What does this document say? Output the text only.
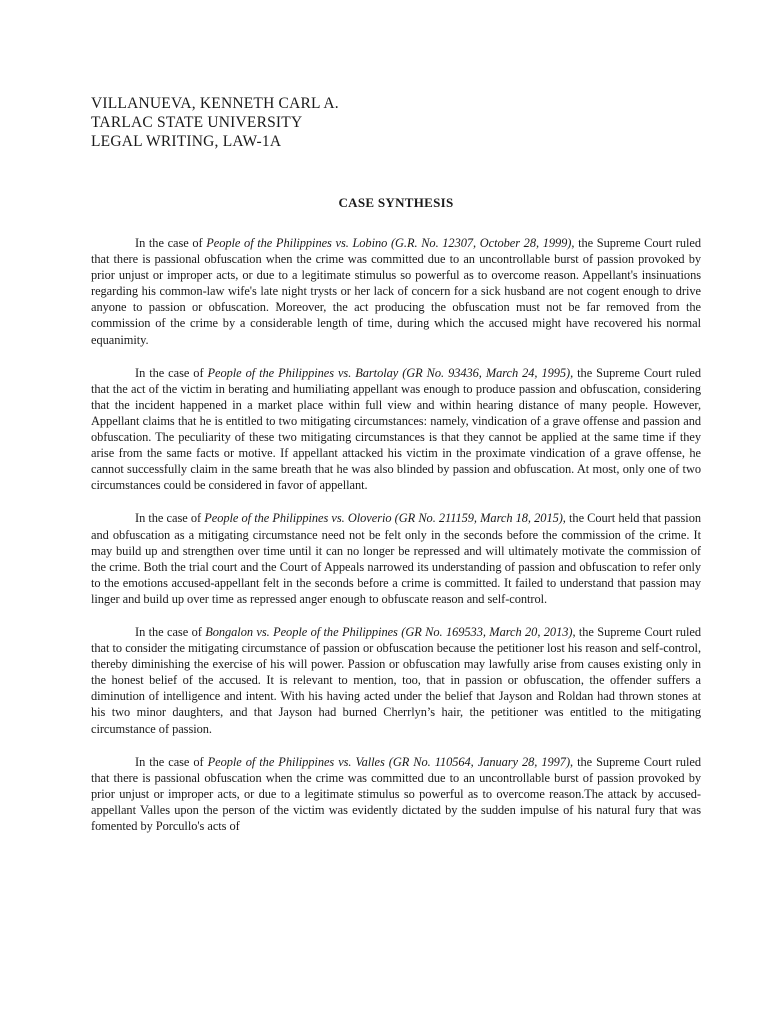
VILLANUEVA, KENNETH CARL A.
TARLAC STATE UNIVERSITY
LEGAL WRITING, LAW-1A
CASE SYNTHESIS

In the case of People of the Philippines vs. Lobino (G.R. No. 12307, October 28, 1999), the Supreme Court ruled that there is passional obfuscation when the crime was committed due to an uncontrollable burst of passion provoked by prior unjust or improper acts, or due to a legitimate stimulus so powerful as to overcome reason. Appellant's insinuations regarding his common-law wife's late night trysts or her lack of concern for a sick husband are not cogent enough to drive anyone to passion or obfuscation. Moreover, the act producing the obfuscation must not be far removed from the commission of the crime by a considerable length of time, during which the accused might have recovered his normal equanimity.

In the case of People of the Philippines vs. Bartolay (GR No. 93436, March 24, 1995), the Supreme Court ruled that the act of the victim in berating and humiliating appellant was enough to produce passion and obfuscation, considering that the incident happened in a market place within full view and within hearing distance of many people. However, Appellant claims that he is entitled to two mitigating circumstances: namely, vindication of a grave offense and passion and obfuscation. The peculiarity of these two mitigating circumstances is that they cannot be applied at the same time if they arise from the same facts or motive. If appellant attacked his victim in the proximate vindication of a grave offense, he cannot successfully claim in the same breath that he was also blinded by passion and obfuscation. At most, only one of two circumstances could be considered in favor of appellant.

In the case of People of the Philippines vs. Oloverio (GR No. 211159, March 18, 2015), the Court held that passion and obfuscation as a mitigating circumstance need not be felt only in the seconds before the commission of the crime. It may build up and strengthen over time until it can no longer be repressed and will ultimately motivate the commission of the crime. Both the trial court and the Court of Appeals narrowed its understanding of passion and obfuscation to refer only to the emotions accused-appellant felt in the seconds before a crime is committed. It failed to understand that passion may linger and build up over time as repressed anger enough to obfuscate reason and self-control.

In the case of Bongalon vs. People of the Philippines (GR No. 169533, March 20, 2013), the Supreme Court ruled that to consider the mitigating circumstance of passion or obfuscation because the petitioner lost his reason and self-control, thereby diminishing the exercise of his will power. Passion or obfuscation may lawfully arise from causes existing only in the honest belief of the accused. It is relevant to mention, too, that in passion or obfuscation, the offender suffers a diminution of intelligence and intent. With his having acted under the belief that Jayson and Roldan had thrown stones at his two minor daughters, and that Jayson had burned Cherrlyn’s hair, the petitioner was entitled to the mitigating circumstance of passion.

In the case of People of the Philippines vs. Valles (GR No. 110564, January 28, 1997), the Supreme Court ruled that there is passional obfuscation when the crime was committed due to an uncontrollable burst of passion provoked by prior unjust or improper acts, or due to a legitimate stimulus so powerful as to overcome reason.The attack by accused-appellant Valles upon the person of the victim was evidently dictated by the sudden impulse of his natural fury that was fomented by Porcullo's acts of
